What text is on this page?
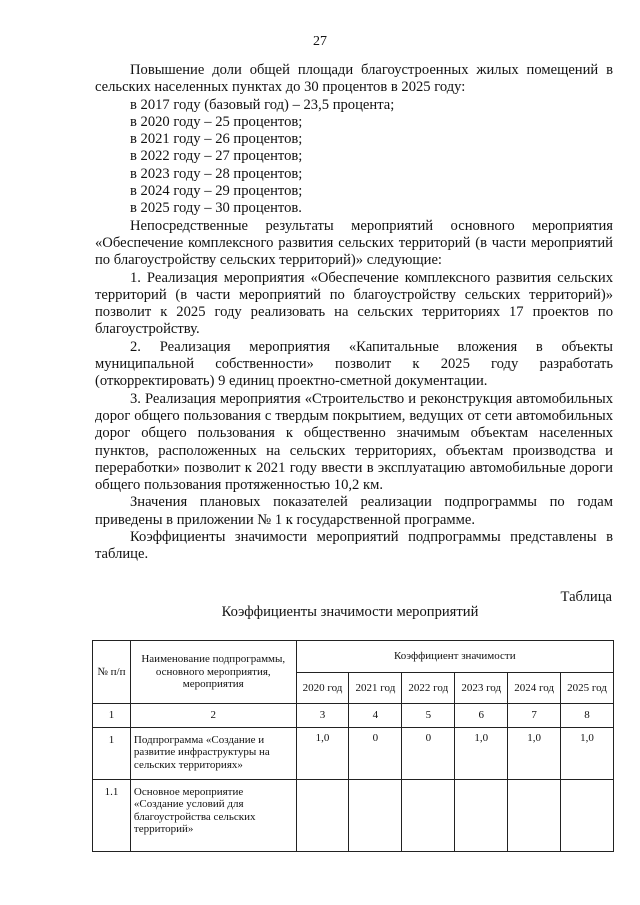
27

Повышение доли общей площади благоустроенных жилых помещений в сельских населенных пунктах до 30 процентов в 2025 году:

в 2017 году (базовый год) – 23,5 процента;

в 2020 году – 25 процентов;

в 2021 году – 26 процентов;

в 2022 году – 27 процентов;

в 2023 году – 28 процентов;

в 2024 году – 29 процентов;

в 2025 году – 30 процентов.

Непосредственные результаты мероприятий основного мероприятия «Обеспечение комплексного развития сельских территорий (в части мероприятий по благоустройству сельских территорий)» следующие:

1. Реализация мероприятия «Обеспечение комплексного развития сельских территорий (в части мероприятий по благоустройству сельских территорий)» позволит к 2025 году реализовать на сельских территориях 17 проектов по благоустройству.

2. Реализация мероприятия «Капитальные вложения в объекты муниципальной собственности» позволит к 2025 году разработать (откорректировать) 9 единиц проектно-сметной документации.

3. Реализация мероприятия «Строительство и реконструкция автомобильных дорог общего пользования с твердым покрытием, ведущих от сети автомобильных дорог общего пользования к общественно значимым объектам населенных пунктов, расположенных на сельских территориях, объектам производства и переработки» позволит к 2021 году ввести в эксплуатацию автомобильные дороги общего пользования протяженностью 10,2 км.

Значения плановых показателей реализации подпрограммы по годам приведены в приложении № 1 к государственной программе.

Коэффициенты значимости мероприятий подпрограммы представлены в таблице.

Таблица
Коэффициенты значимости мероприятий
№ п/п	Наименование подпрограммы, основного мероприятия, мероприятия	Коэффициент значимости					
		2020 год	2021 год	2022 год	2023 год	2024 год	2025 год
1	2	3	4	5	6	7	8
1	Подпрограмма «Создание и развитие инфраструктуры на сельских территориях»	1,0	0	0	1,0	1,0	1,0
1.1	Основное мероприятие «Создание условий для благоустройства сельских территорий»						
